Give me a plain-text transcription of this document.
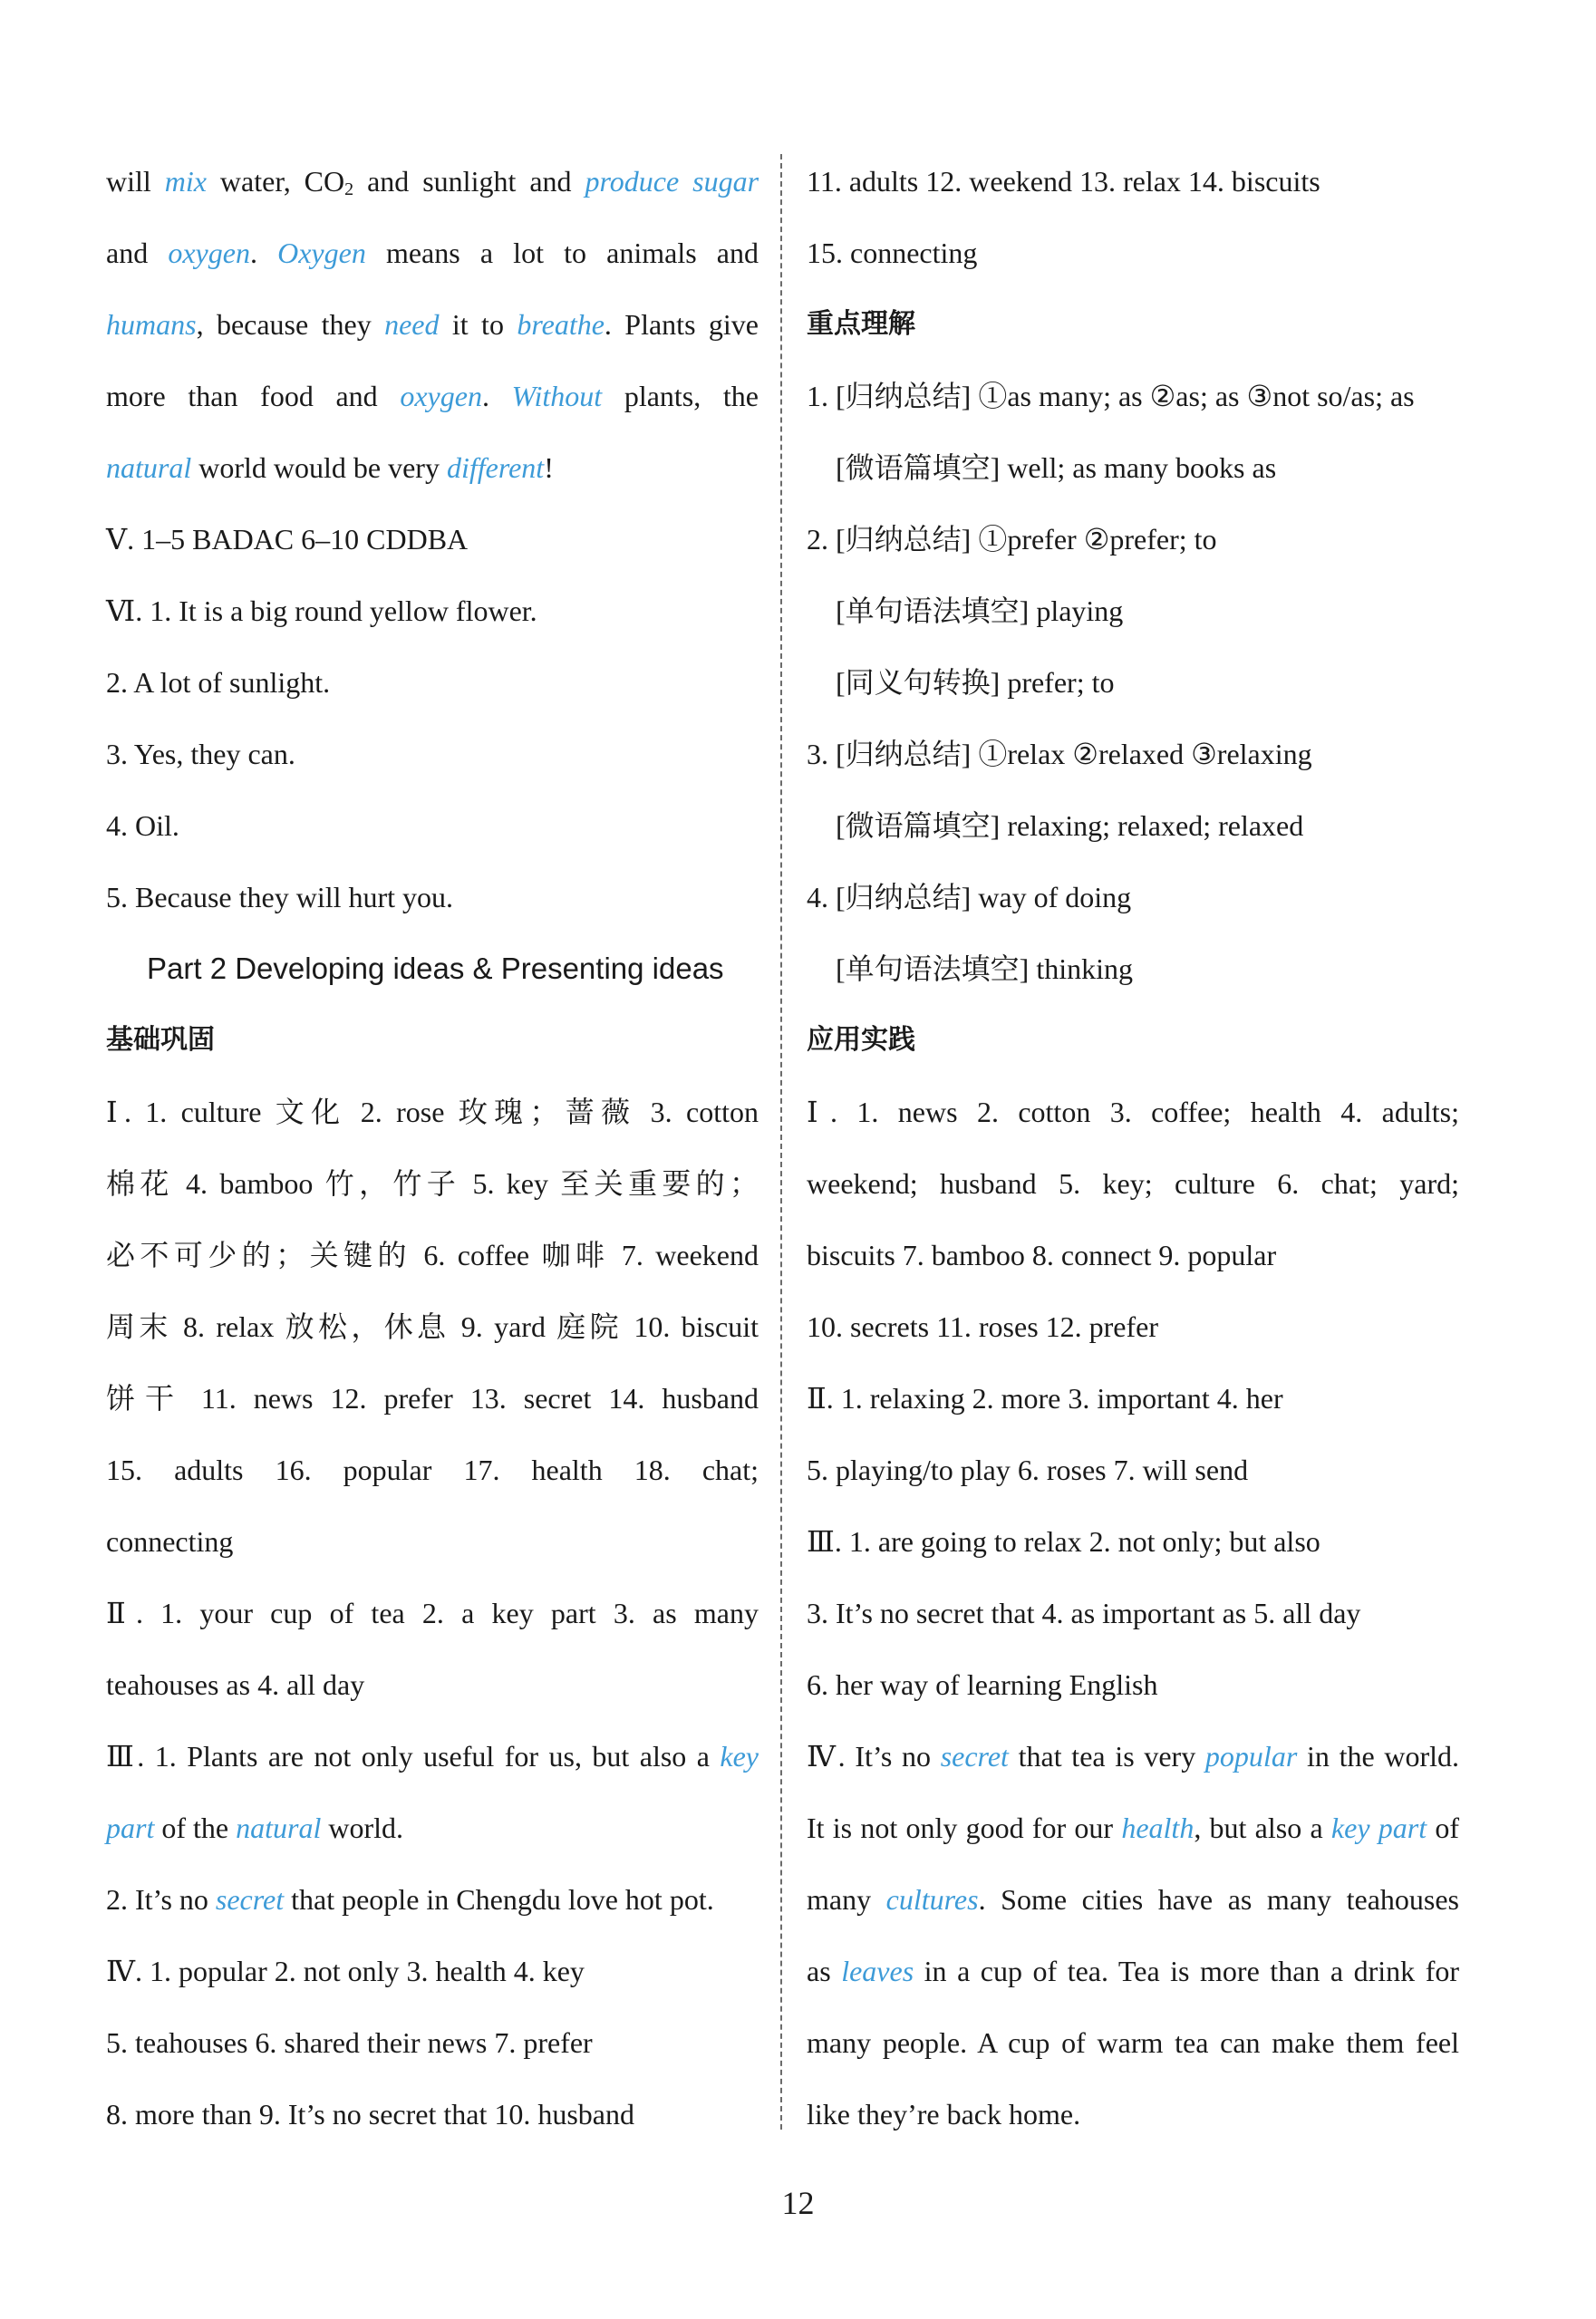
will mix water, $CO_2$ and sunlight and produce sugar
and oxygen. Oxygen means a lot to animals and
humans, because they need it to breathe. Plants give
more than food and oxygen. Without plants, the
natural world would be very different!
Ⅴ. 1–5 BADAC 6–10 CDDBA
Ⅵ. 1. It is a big round yellow flower.
2. A lot of sunlight.
3. Yes, they can.
4. Oil.
5. Because they will hurt you.
Part 2 Developing ideas & Presenting ideas
基础巩固
Ⅰ. 1. culture 文化 2. rose 玫瑰；蔷薇 3. cotton
棉花 4. bamboo 竹，竹子 5. key 至关重要的；
必不可少的；关键的 6. coffee 咖啡 7. weekend
周末 8. relax 放松，休息 9. yard 庭院 10. biscuit
饼干 11. news 12. prefer 13. secret 14. husband
15. adults 16. popular 17. health 18. chat;
connecting
Ⅱ. 1. your cup of tea 2. a key part 3. as many
teahouses as 4. all day
Ⅲ. 1. Plants are not only useful for us, but also a key
part of the natural world.
2. It’s no secret that people in Chengdu love hot pot.
Ⅳ. 1. popular 2. not only 3. health 4. key
5. teahouses 6. shared their news 7. prefer
8. more than 9. It’s no secret that 10. husband
11. adults 12. weekend 13. relax 14. biscuits
15. connecting
重点理解
1. [归纳总结] ①as many; as ②as; as ③not so/as; as
[微语篇填空] well; as many books as
2. [归纳总结] ①prefer ②prefer; to
[单句语法填空] playing
[同义句转换] prefer; to
3. [归纳总结] ①relax ②relaxed ③relaxing
[微语篇填空] relaxing; relaxed; relaxed
4. [归纳总结] way of doing
[单句语法填空] thinking
应用实践
Ⅰ. 1. news 2. cotton 3. coffee; health 4. adults;
weekend; husband 5. key; culture 6. chat; yard;
biscuits 7. bamboo 8. connect 9. popular
10. secrets 11. roses 12. prefer
Ⅱ. 1. relaxing 2. more 3. important 4. her
5. playing/to play 6. roses 7. will send
Ⅲ. 1. are going to relax 2. not only; but also
3. It’s no secret that 4. as important as 5. all day
6. her way of learning English
Ⅳ. It’s no secret that tea is very popular in the world.
It is not only good for our health, but also a key part of
many cultures. Some cities have as many teahouses
as leaves in a cup of tea. Tea is more than a drink for
many people. A cup of warm tea can make them feel
like they’re back home.
12
